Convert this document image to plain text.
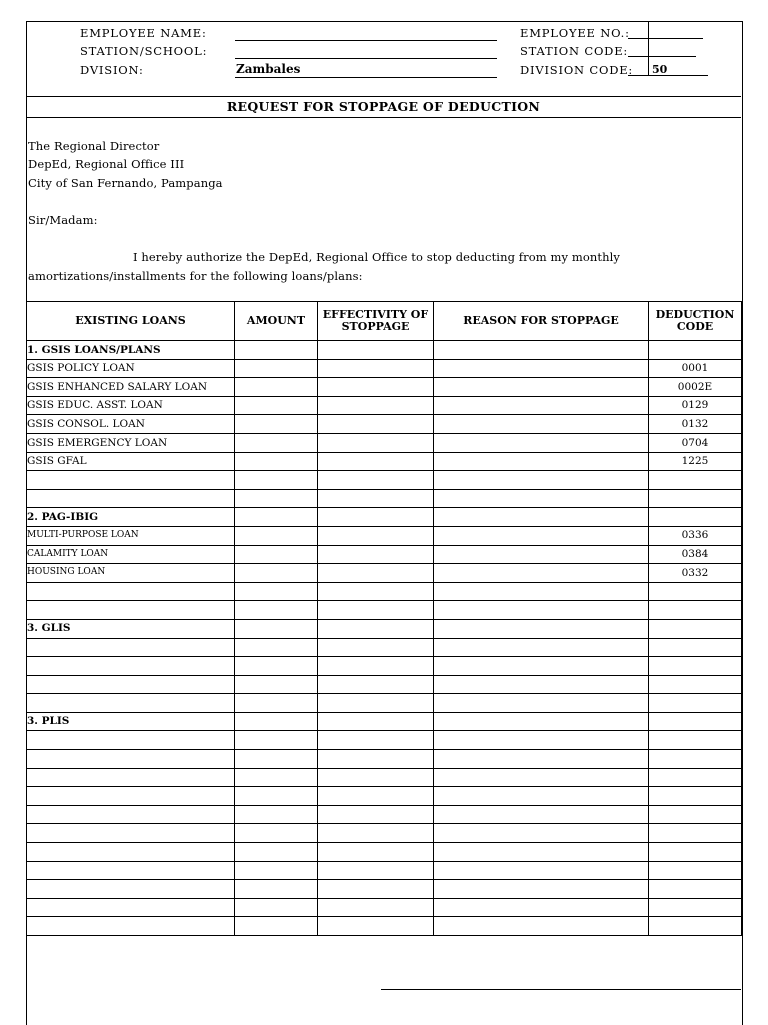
EMPLOYEE NAME:
STATION/SCHOOL:
DVISION:	Zambales
EMPLOYEE NO.:
STATION CODE:
DIVISION CODE: 50
REQUEST FOR STOPPAGE OF DEDUCTION
The Regional Director
DepEd, Regional Office III
City of San Fernando, Pampanga
Sir/Madam:
I hereby authorize the DepEd, Regional Office to stop deducting from my monthly
amortizations/installments for the following loans/plans:
EXISTING LOANS	AMOUNT	EFFECTIVITY OF STOPPAGE	REASON FOR STOPPAGE	DEDUCTION CODE
1. GSIS LOANS/PLANS				
GSIS POLICY LOAN				0001
GSIS ENHANCED SALARY LOAN				0002E
GSIS EDUC. ASST. LOAN				0129
GSIS CONSOL. LOAN				0132
GSIS EMERGENCY LOAN				0704
GSIS GFAL				1225

2. PAG-IBIG				
MULTI-PURPOSE LOAN				0336
CALAMITY LOAN				0384
HOUSING LOAN				0332

3. GLIS				

3. PLIS				
